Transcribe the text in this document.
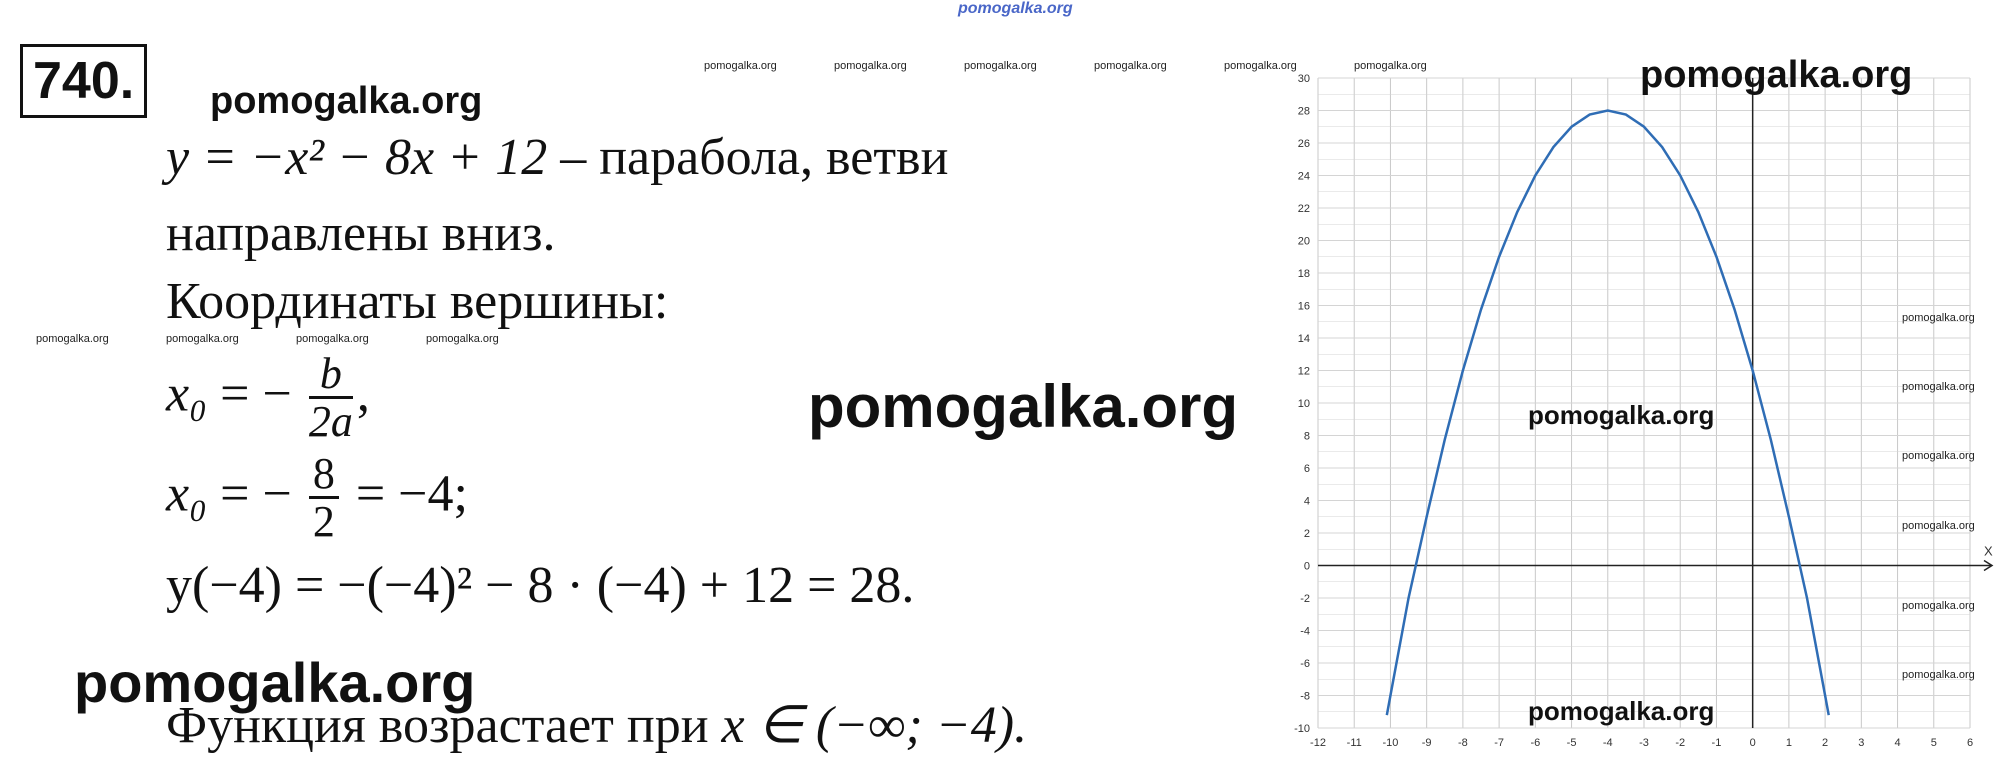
pomogalka.org
740.	pomogalka.org
pomogalka.org
pomogalka.org
pomogalka.org	pomogalka.org	pomogalka.org	pomogalka.org	pomogalka.org	pomogalka.org
pomogalka.org	pomogalka.org	pomogalka.org	pomogalka.org
y = −x² − 8x + 12 – парабола, ветви
направлены вниз.
Координаты вершины:
x₀ = − $\frac{b}{2a}$ ,
x₀ = − $\frac{8}{2} = -4$;
y(−4) = −(−4)² − 8 · (−4) + 12 = 28.
Функция возрастает при x ∈ (−∞; −4).	-12 -11 -10 -9 -8 -7 -6 -5 -4 -3 -2 -1	0	1	2	3	4	5	6
-10
-8
-6
-4
-2
0
2
4
6
8
10
12
14
16
18
20
22
24
26
28
30
X
pomogalka.org
pomogalka.org
pomogalka.org
pomogalka.org
pomogalka.org
pomogalka.org
pomogalka.org
pomogalka.org
pomogalka.org
